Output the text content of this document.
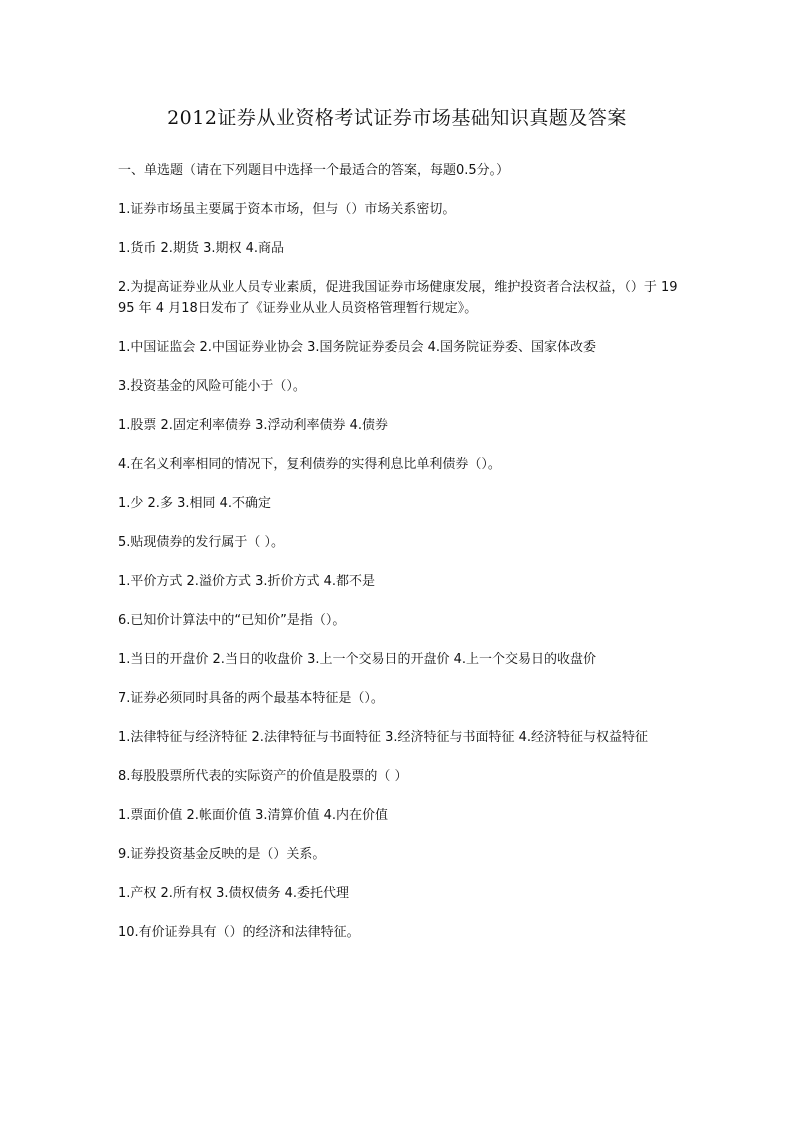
2012证券从业资格考试证券市场基础知识真题及答案

一、单选题（请在下列题目中选择一个最适合的答案，每题0.5分。）

1.证券市场虽主要属于资本市场，但与（）市场关系密切。

1.货币 2.期货 3.期权 4.商品

2.为提高证券业从业人员专业素质，促进我国证券市场健康发展，维护投资者合法权益，（）于 1995 年 4 月18日发布了《证券业从业人员资格管理暂行规定》。

1.中国证监会 2.中国证券业协会 3.国务院证券委员会 4.国务院证券委、国家体改委

3.投资基金的风险可能小于（）。

1.股票 2.固定利率债券 3.浮动利率债券 4.债券

4.在名义利率相同的情况下，复利债券的实得利息比单利债券（）。

1.少 2.多 3.相同 4.不确定

5.贴现债券的发行属于（ ）。

1.平价方式 2.溢价方式 3.折价方式 4.都不是

6.已知价计算法中的“已知价”是指（）。

1.当日的开盘价 2.当日的收盘价 3.上一个交易日的开盘价 4.上一个交易日的收盘价

7.证券必须同时具备的两个最基本特征是（）。

1.法律特征与经济特征 2.法律特征与书面特征 3.经济特征与书面特征 4.经济特征与权益特征

8.每股股票所代表的实际资产的价值是股票的（ ）

1.票面价值 2.帐面价值 3.清算价值 4.内在价值

9.证券投资基金反映的是（）关系。

1.产权 2.所有权 3.债权债务 4.委托代理

10.有价证券具有（）的经济和法律特征。
